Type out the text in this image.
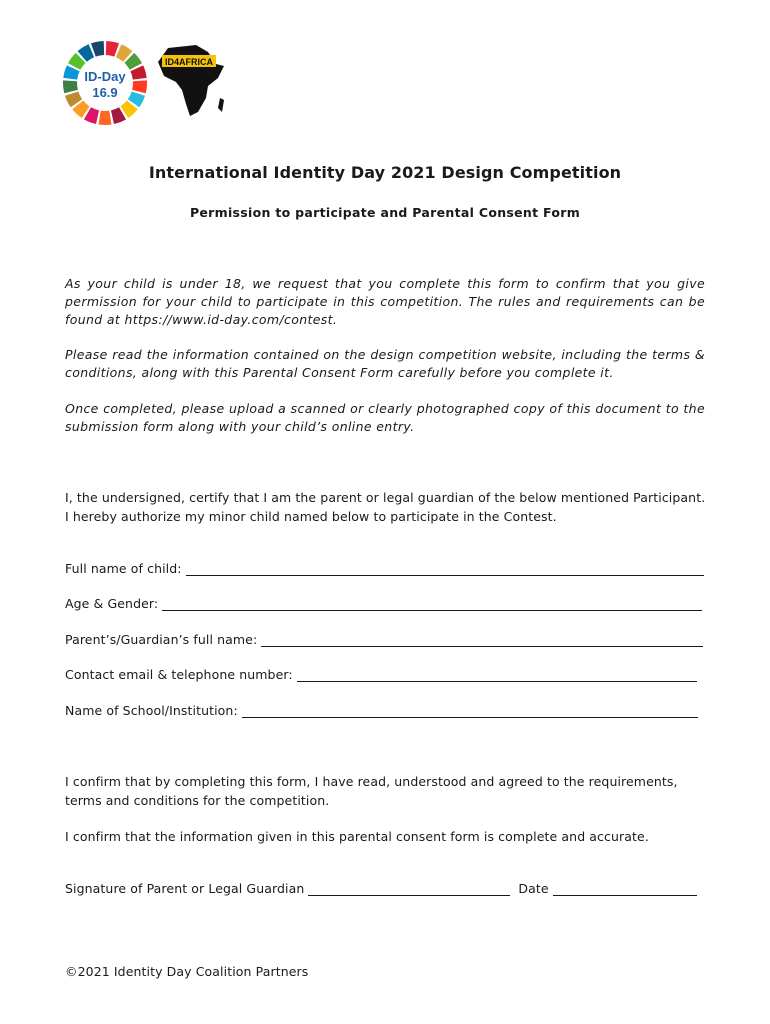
ID-Day
16.9
ID4AFRICA
International Identity Day 2021 Design Competition
Permission to participate and Parental Consent Form
As your child is under 18, we request that you complete this form to confirm that you give permission for your child to participate in this competition. The rules and requirements can be found at https://www.id-day.com/contest.
Please read the information contained on the design competition website, including the terms & conditions, along with this Parental Consent Form carefully before you complete it.
Once completed, please upload a scanned or clearly photographed copy of this document to the submission form along with your child’s online entry.
I, the undersigned, certify that I am the parent or legal guardian of the below mentioned Participant.
I hereby authorize my minor child named below to participate in the Contest.
Full name of child:
Age & Gender:
Parent’s/Guardian’s full name:
Contact email & telephone number:
Name of School/Institution:
I confirm that by completing this form, I have read, understood and agreed to the requirements, terms and conditions for the competition.
I confirm that the information given in this parental consent form is complete and accurate.
Signature of Parent or Legal Guardian	Date
©2021 Identity Day Coalition Partners
